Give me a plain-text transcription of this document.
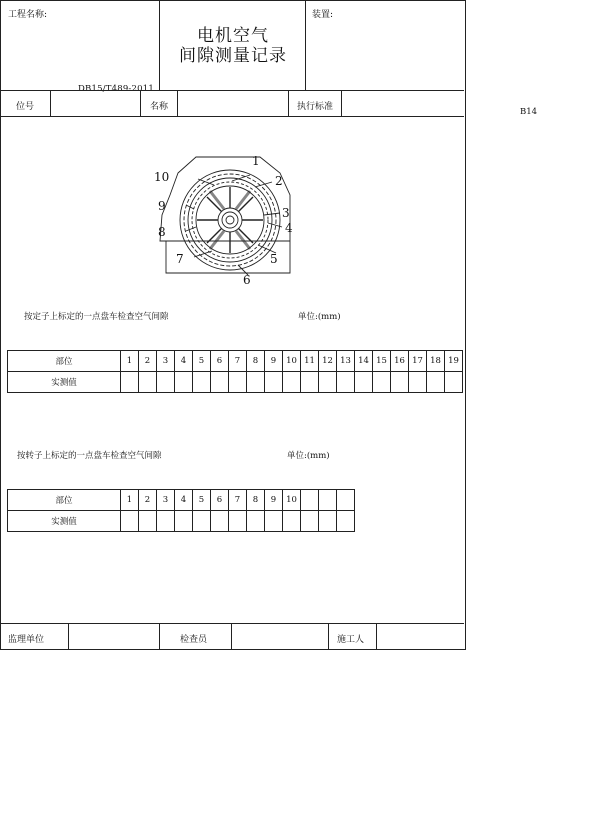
DB15/T489-2011
B14
工程名称:	装置:
电机空气
间隙测量记录
位号	名称	执行标准
1
2
3
4
5
6
7
8
9
10
按定子上标定的一点盘车检查空气间隙	单位:(mm)
部位	1	2	3	4	5	6	7	8	9	10	11	12	13	14	15	16	17	18	19
实测值																			
按转子上标定的一点盘车检查空气间隙	单位:(mm)
部位	1	2	3	4	5	6	7	8	9	10			
实测值													
监理单位	检查员	施工人
